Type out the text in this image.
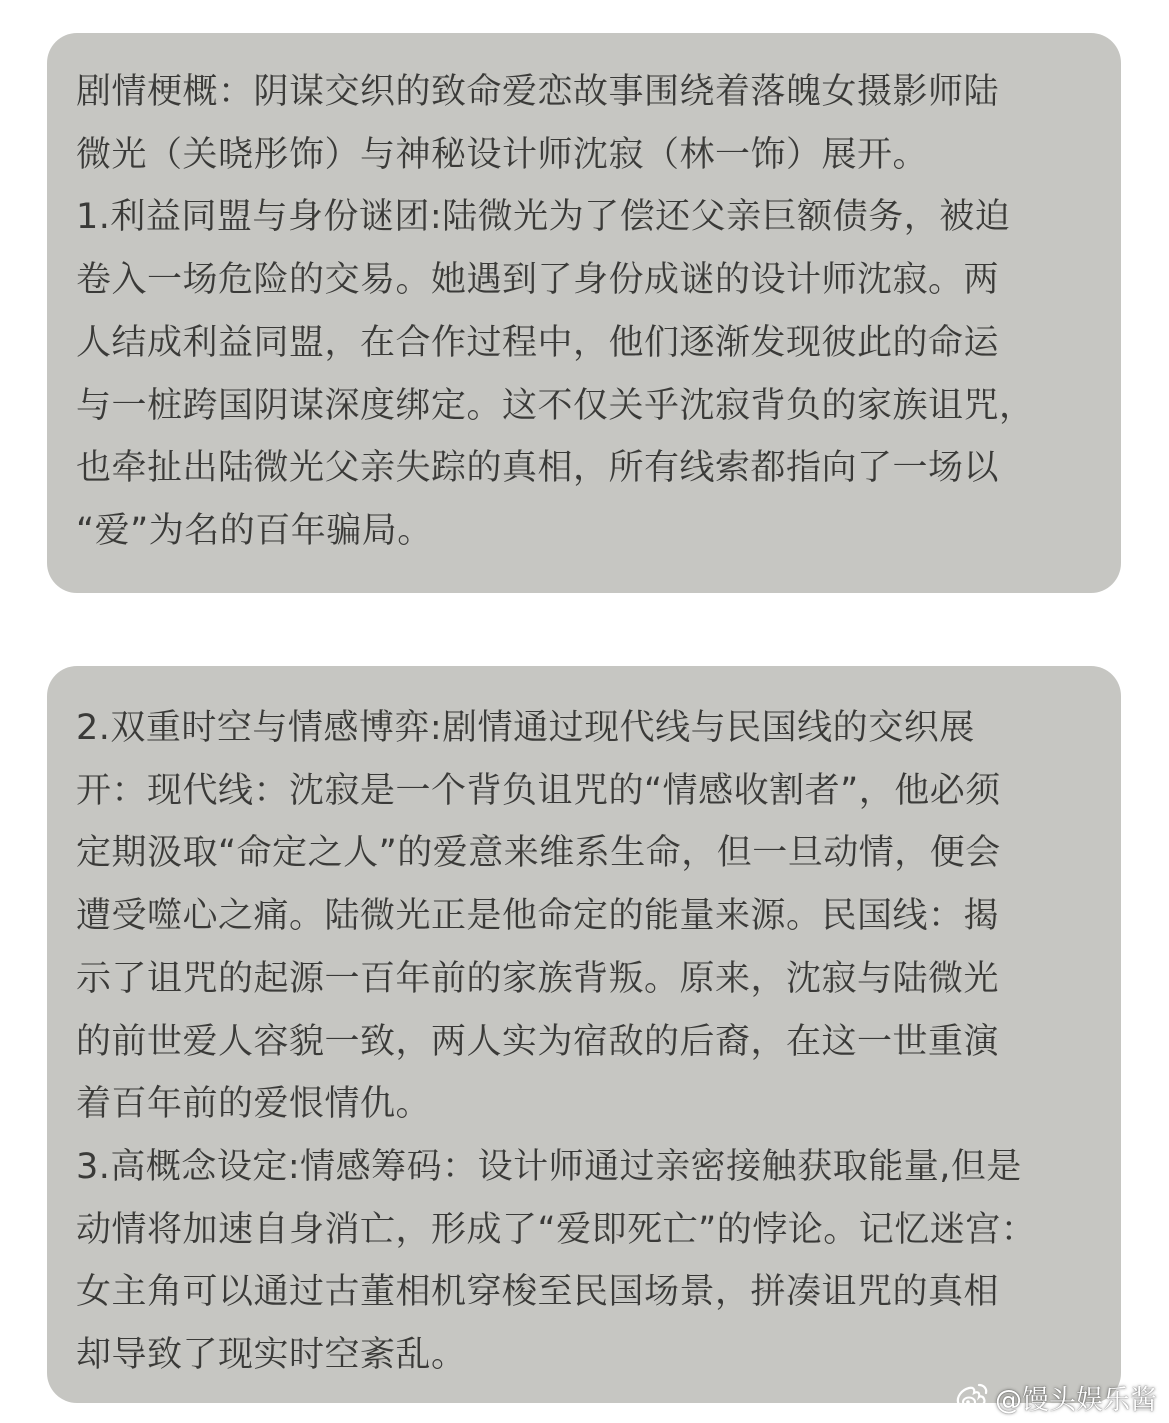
剧情梗概：阴谋交织的致命爱恋故事围绕着落魄女摄影师陆
微光（关晓彤饰）与神秘设计师沈寂（林一饰）展开。

1.利益同盟与身份谜团:陆微光为了偿还父亲巨额债务，被迫
卷入一场危险的交易。她遇到了身份成谜的设计师沈寂。两
人结成利益同盟，在合作过程中，他们逐渐发现彼此的命运
与一桩跨国阴谋深度绑定。这不仅关乎沈寂背负的家族诅咒，
也牵扯出陆微光父亲失踪的真相，所有线索都指向了一场以
“爱”为名的百年骗局。

2.双重时空与情感博弈:剧情通过现代线与民国线的交织展
开：现代线：沈寂是一个背负诅咒的“情感收割者”，他必须
定期汲取“命定之人”的爱意来维系生命，但一旦动情，便会
遭受噬心之痛。陆微光正是他命定的能量来源。民国线：揭
示了诅咒的起源一百年前的家族背叛。原来，沈寂与陆微光
的前世爱人容貌一致，两人实为宿敌的后裔，在这一世重演
着百年前的爱恨情仇。

3.高概念设定:情感筹码：设计师通过亲密接触获取能量,但是
动情将加速自身消亡，形成了“爱即死亡”的悖论。记忆迷宫：
女主角可以通过古董相机穿梭至民国场景，拼凑诅咒的真相
却导致了现实时空紊乱。

@馒头娱乐酱
